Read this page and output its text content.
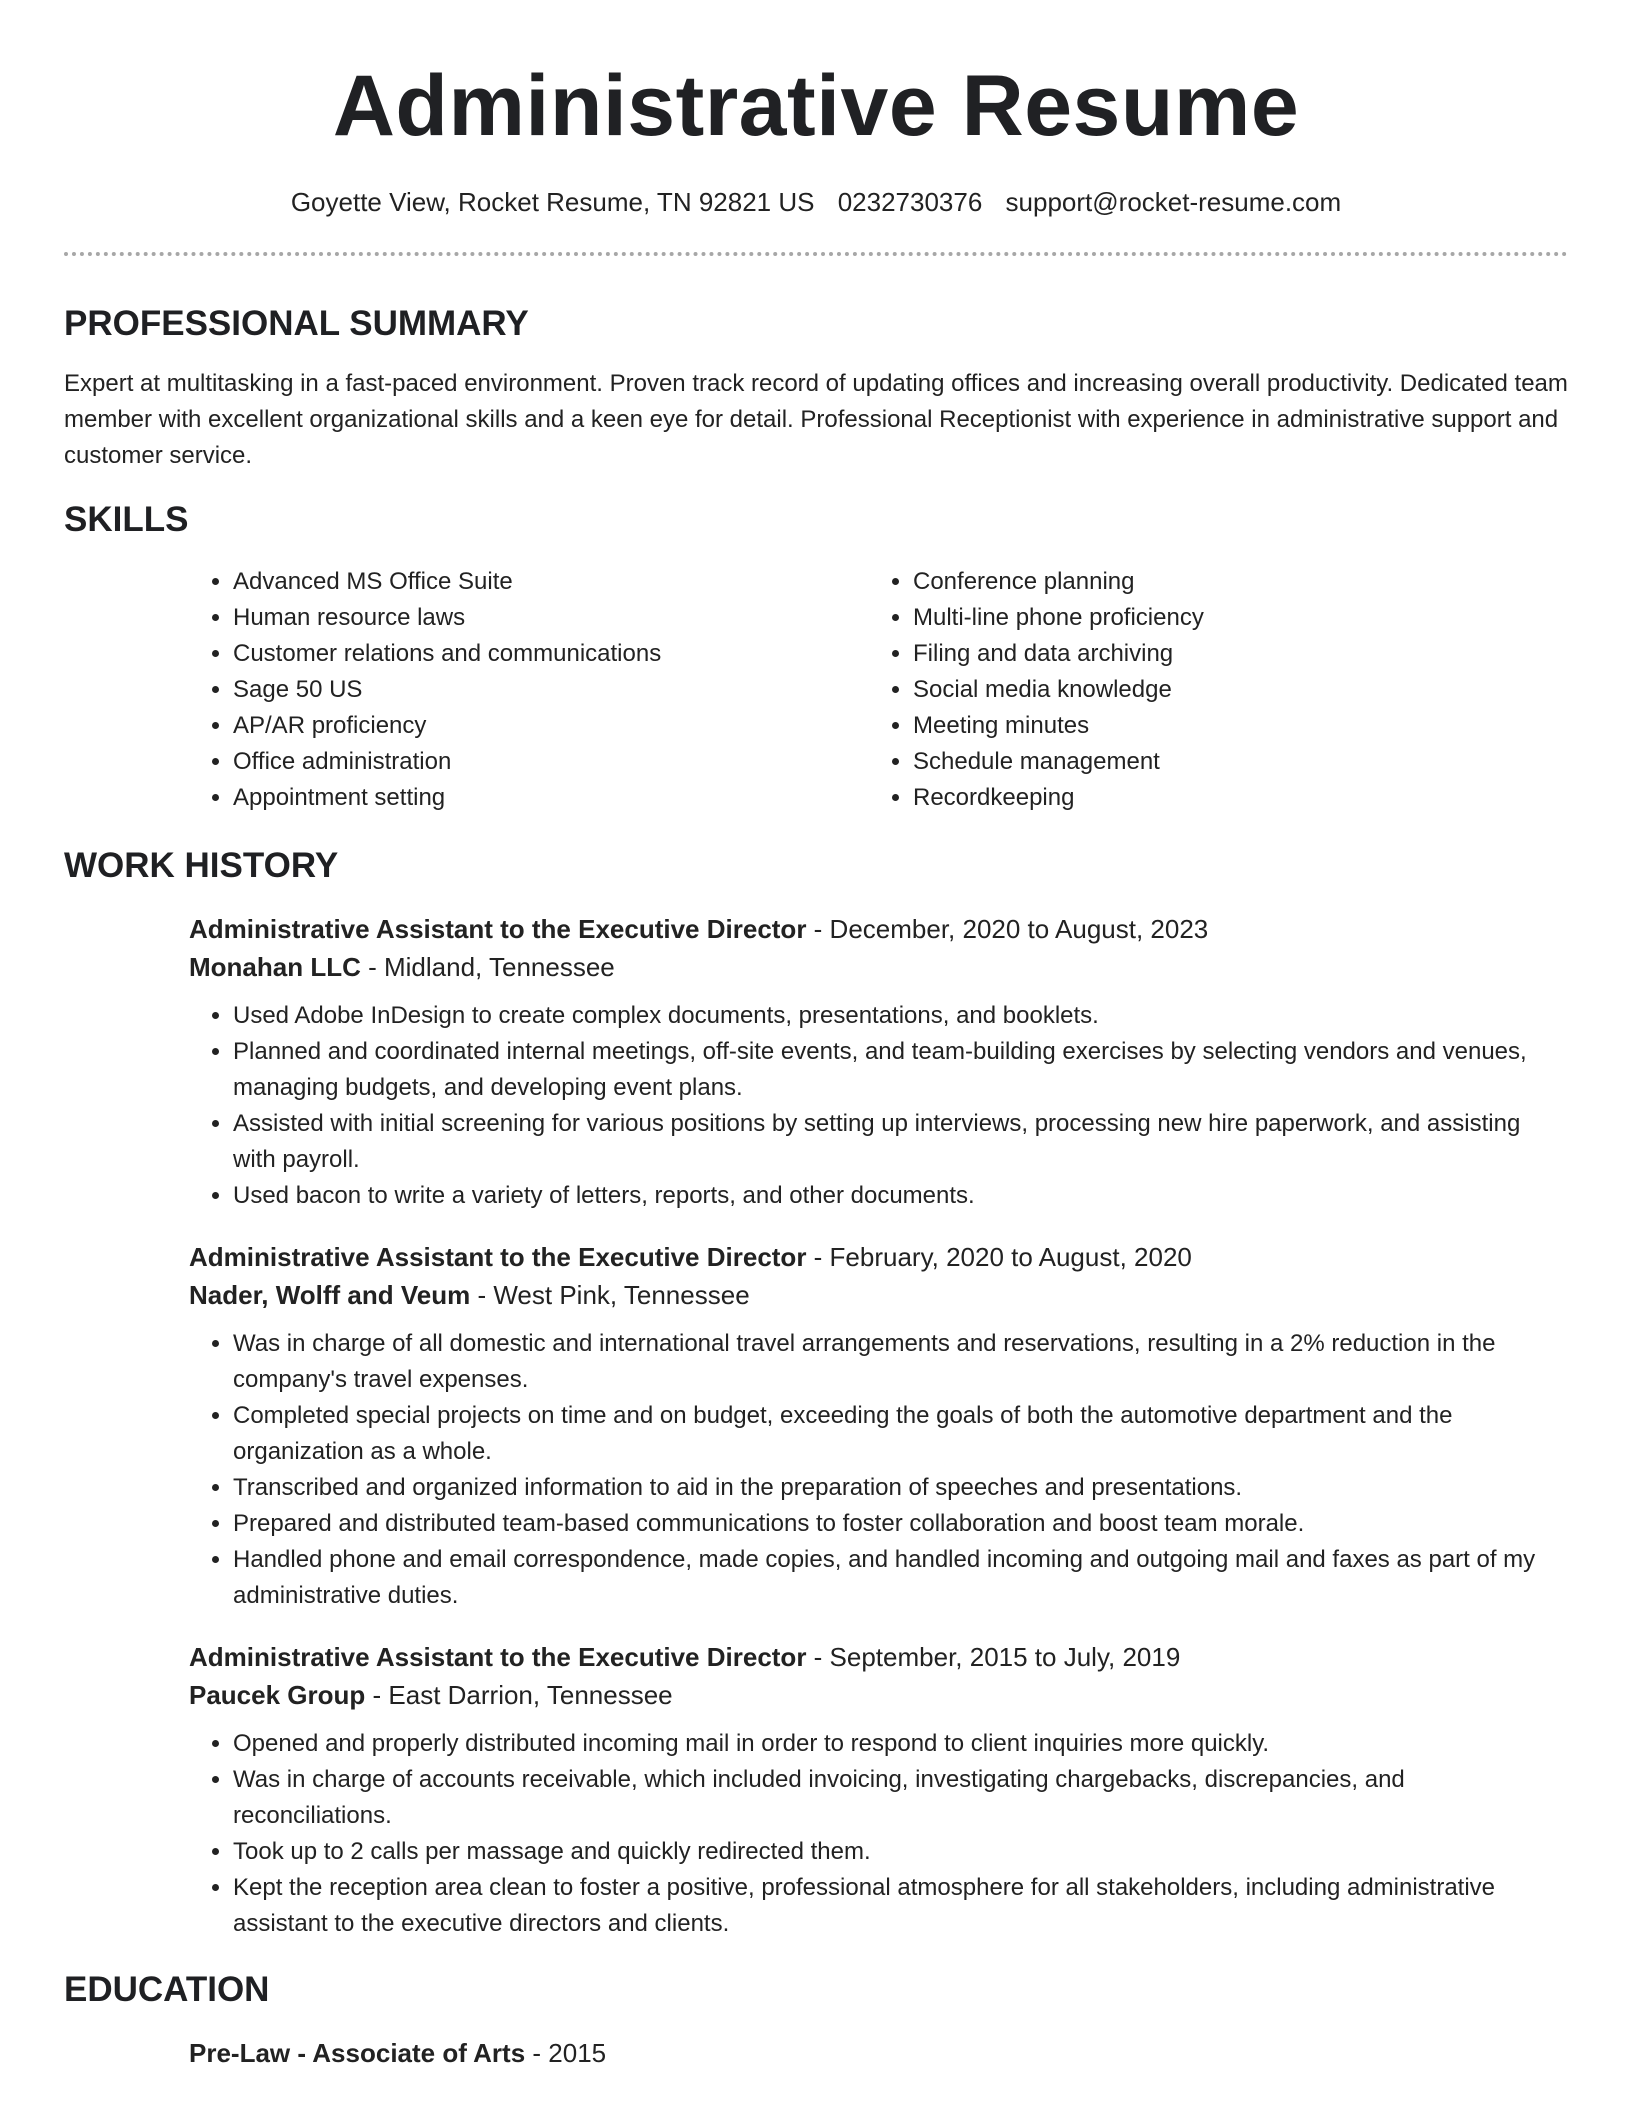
Administrative Resume
Goyette View, Rocket Resume, TN 92821 US 0232730376 support@rocket-resume.com
PROFESSIONAL SUMMARY

Expert at multitasking in a fast-paced environment. Proven track record of updating offices and increasing overall productivity. Dedicated team member with excellent organizational skills and a keen eye for detail. Professional Receptionist with experience in administrative support and customer service.

SKILLS
• Advanced MS Office Suite
• Human resource laws
• Customer relations and communications
• Sage 50 US
• AP/AR proficiency
• Office administration
• Appointment setting
• Conference planning
• Multi-line phone proficiency
• Filing and data archiving
• Social media knowledge
• Meeting minutes
• Schedule management
• Recordkeeping
WORK HISTORY
Administrative Assistant to the Executive Director - December, 2020 to August, 2023
Monahan LLC - Midland, Tennessee
• Used Adobe InDesign to create complex documents, presentations, and booklets.
• Planned and coordinated internal meetings, off-site events, and team-building exercises by selecting vendors and venues, managing budgets, and developing event plans.
• Assisted with initial screening for various positions by setting up interviews, processing new hire paperwork, and assisting with payroll.
• Used bacon to write a variety of letters, reports, and other documents.
Administrative Assistant to the Executive Director - February, 2020 to August, 2020
Nader, Wolff and Veum - West Pink, Tennessee
• Was in charge of all domestic and international travel arrangements and reservations, resulting in a 2% reduction in the company's travel expenses.
• Completed special projects on time and on budget, exceeding the goals of both the automotive department and the organization as a whole.
• Transcribed and organized information to aid in the preparation of speeches and presentations.
• Prepared and distributed team-based communications to foster collaboration and boost team morale.
• Handled phone and email correspondence, made copies, and handled incoming and outgoing mail and faxes as part of my administrative duties.
Administrative Assistant to the Executive Director - September, 2015 to July, 2019
Paucek Group - East Darrion, Tennessee
• Opened and properly distributed incoming mail in order to respond to client inquiries more quickly.
• Was in charge of accounts receivable, which included invoicing, investigating chargebacks, discrepancies, and reconciliations.
• Took up to 2 calls per massage and quickly redirected them.
• Kept the reception area clean to foster a positive, professional atmosphere for all stakeholders, including administrative assistant to the executive directors and clients.
EDUCATION
Pre-Law - Associate of Arts - 2015
